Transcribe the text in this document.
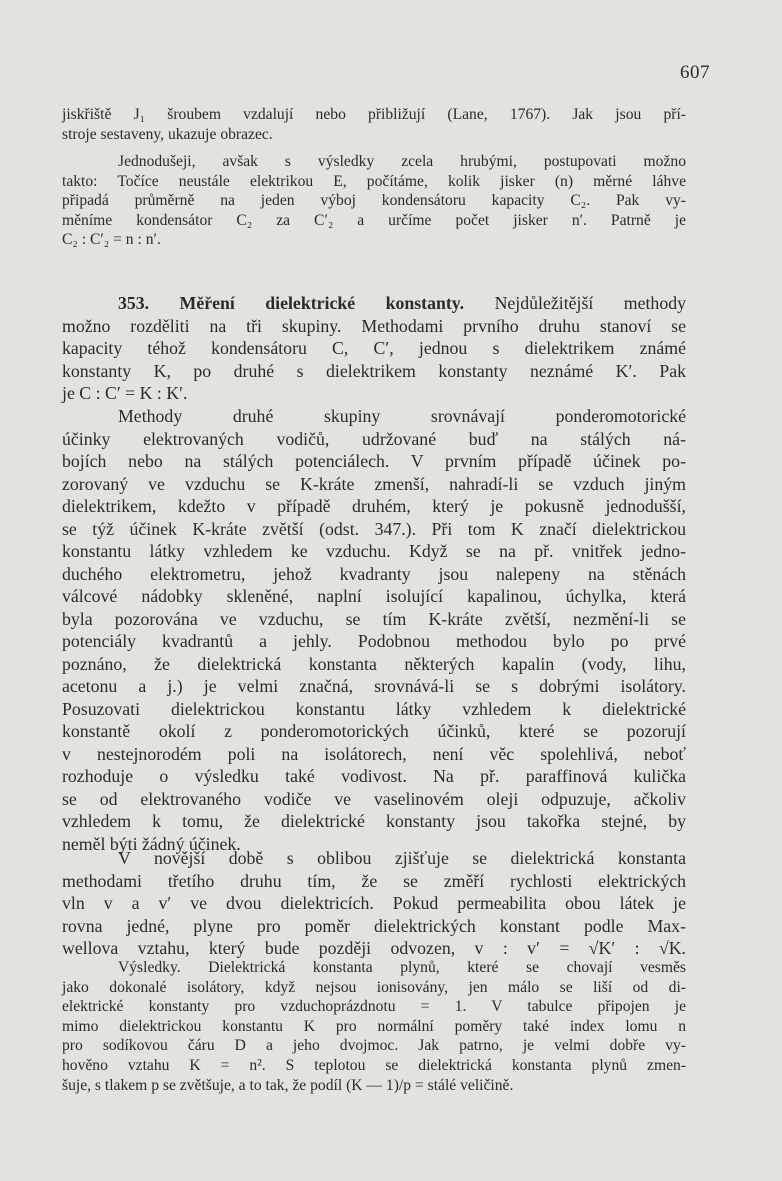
607
jiskřiště J₁ šroubem vzdalují nebo přibližují (Lane, 1767). Jak jsou pří-
stroje sestaveny, ukazuje obrazec.
Jednodušeji, avšak s výsledky zcela hrubými, postupovati možno
takto: Točíce neustále elektrikou E, počítáme, kolik jisker (n) měrné láhve
připadá průměrně na jeden výboj kondensátoru kapacity C₂. Pak vy-
měníme kondensátor C₂ za C′₂ a určíme počet jisker n′. Patrně je
C₂ : C′₂ = n : n′.
353. Měření dielektrické konstanty. Nejdůležitější methody
možno rozděliti na tři skupiny. Methodami prvního druhu stanoví se
kapacity téhož kondensátoru C, C′, jednou s dielektrikem známé
konstanty K, po druhé s dielektrikem konstanty neznámé K′. Pak
je C : C′ = K : K′.
Methody druhé skupiny srovnávají ponderomotorické
účinky elektrovaných vodičů, udržované buď na stálých ná-
bojích nebo na stálých potenciálech. V prvním případě účinek po-
zorovaný ve vzduchu se K-kráte zmenší, nahradí-li se vzduch jiným
dielektrikem, kdežto v případě druhém, který je pokusně jednodušší,
se týž účinek K-kráte zvětší (odst. 347.). Při tom K značí dielektrickou
konstantu látky vzhledem ke vzduchu. Když se na př. vnitřek jedno-
duchého elektrometru, jehož kvadranty jsou nalepeny na stěnách
válcové nádobky skleněné, naplní isolující kapalinou, úchylka, která
byla pozorována ve vzduchu, se tím K-kráte zvětší, nezmění-li se
potenciály kvadrantů a jehly. Podobnou methodou bylo po prvé
poznáno, že dielektrická konstanta některých kapalin (vody, lihu,
acetonu a j.) je velmi značná, srovnává-li se s dobrými isolátory.
Posuzovati dielektrickou konstantu látky vzhledem k dielektrické
konstantě okolí z ponderomotorických účinků, které se pozorují
v nestejnorodém poli na isolátorech, není věc spolehlivá, neboť
rozhoduje o výsledku také vodivost. Na př. paraffinová kulička
se od elektrovaného vodiče ve vaselinovém oleji odpuzuje, ačkoliv
vzhledem k tomu, že dielektrické konstanty jsou takořka stejné, by
neměl býti žádný účinek.
V novější době s oblibou zjišťuje se dielektrická konstanta
methodami třetího druhu tím, že se změří rychlosti elektrických
vln v a v′ ve dvou dielektricích. Pokud permeabilita obou látek je
rovna jedné, plyne pro poměr dielektrických konstant podle Max-
wellova vztahu, který bude později odvozen, v : v′ = √K′ : √K.
Výsledky. Dielektrická konstanta plynů, které se chovají vesměs
jako dokonalé isolátory, když nejsou ionisovány, jen málo se liší od di-
elektrické konstanty pro vzduchoprázdnotu = 1. V tabulce připojen je
mimo dielektrickou konstantu K pro normální poměry také index lomu n
pro sodíkovou čáru D a jeho dvojmoc. Jak patrno, je velmi dobře vy-
hověno vztahu K = n². S teplotou se dielektrická konstanta plynů zmen-
šuje, s tlakem p se zvětšuje, a to tak, že podíl (K — 1)/p = stálé veličině.
